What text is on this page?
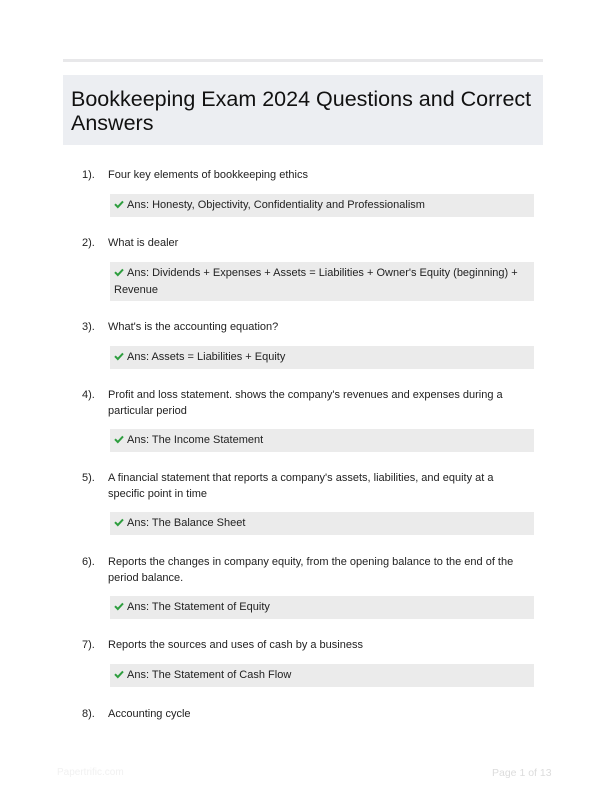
Bookkeeping Exam 2024 Questions and Correct Answers
1). Four key elements of bookkeeping ethics
Ans: Honesty, Objectivity, Confidentiality and Professionalism
2). What is dealer
Ans: Dividends + Expenses + Assets = Liabilities + Owner's Equity (beginning) + Revenue
3). What's is the accounting equation?
Ans: Assets = Liabilities + Equity
4). Profit and loss statement. shows the company's revenues and expenses during a particular period
Ans: The Income Statement
5). A financial statement that reports a company's assets, liabilities, and equity at a specific point in time
Ans: The Balance Sheet
6). Reports the changes in company equity, from the opening balance to the end of the period balance.
Ans: The Statement of Equity
7). Reports the sources and uses of cash by a business
Ans: The Statement of Cash Flow
8). Accounting cycle
Papertrific.com	Page 1 of 13
